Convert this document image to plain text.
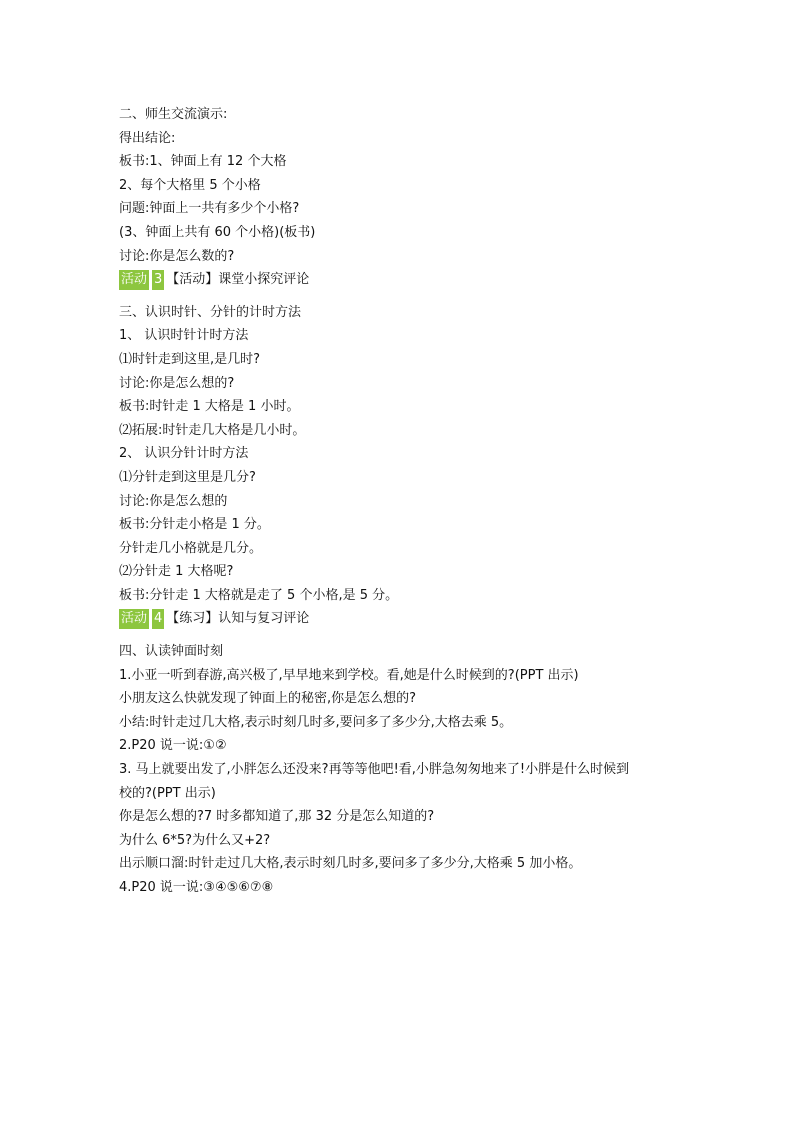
二、师生交流演示:
得出结论:
板书:1、钟面上有 12 个大格
2、每个大格里 5 个小格
问题:钟面上一共有多少个小格?
(3、钟面上共有 60 个小格)(板书)
讨论:你是怎么数的?
活动 3 【活动】课堂小探究评论
三、认识时针、分针的计时方法
1、 认识时针计时方法
⑴时针走到这里,是几时?
讨论:你是怎么想的?
板书:时针走 1 大格是 1 小时。
⑵拓展:时针走几大格是几小时。
2、 认识分针计时方法
⑴分针走到这里是几分?
讨论:你是怎么想的
板书:分针走小格是 1 分。
分针走几小格就是几分。
⑵分针走 1 大格呢?
板书:分针走 1 大格就是走了 5 个小格,是 5 分。
活动 4 【练习】认知与复习评论
四、认读钟面时刻
1.小亚一听到春游,高兴极了,早早地来到学校。看,她是什么时候到的?(PPT 出示)
小朋友这么快就发现了钟面上的秘密,你是怎么想的?
小结:时针走过几大格,表示时刻几时多,要问多了多少分,大格去乘 5。
2.P20 说一说:①②
3. 马上就要出发了,小胖怎么还没来?再等等他吧!看,小胖急匆匆地来了!小胖是什么时候到
校的?(PPT 出示)
你是怎么想的?7 时多都知道了,那 32 分是怎么知道的?
为什么 6*5?为什么又+2?
出示顺口溜:时针走过几大格,表示时刻几时多,要问多了多少分,大格乘 5 加小格。
4.P20 说一说:③④⑤⑥⑦⑧
